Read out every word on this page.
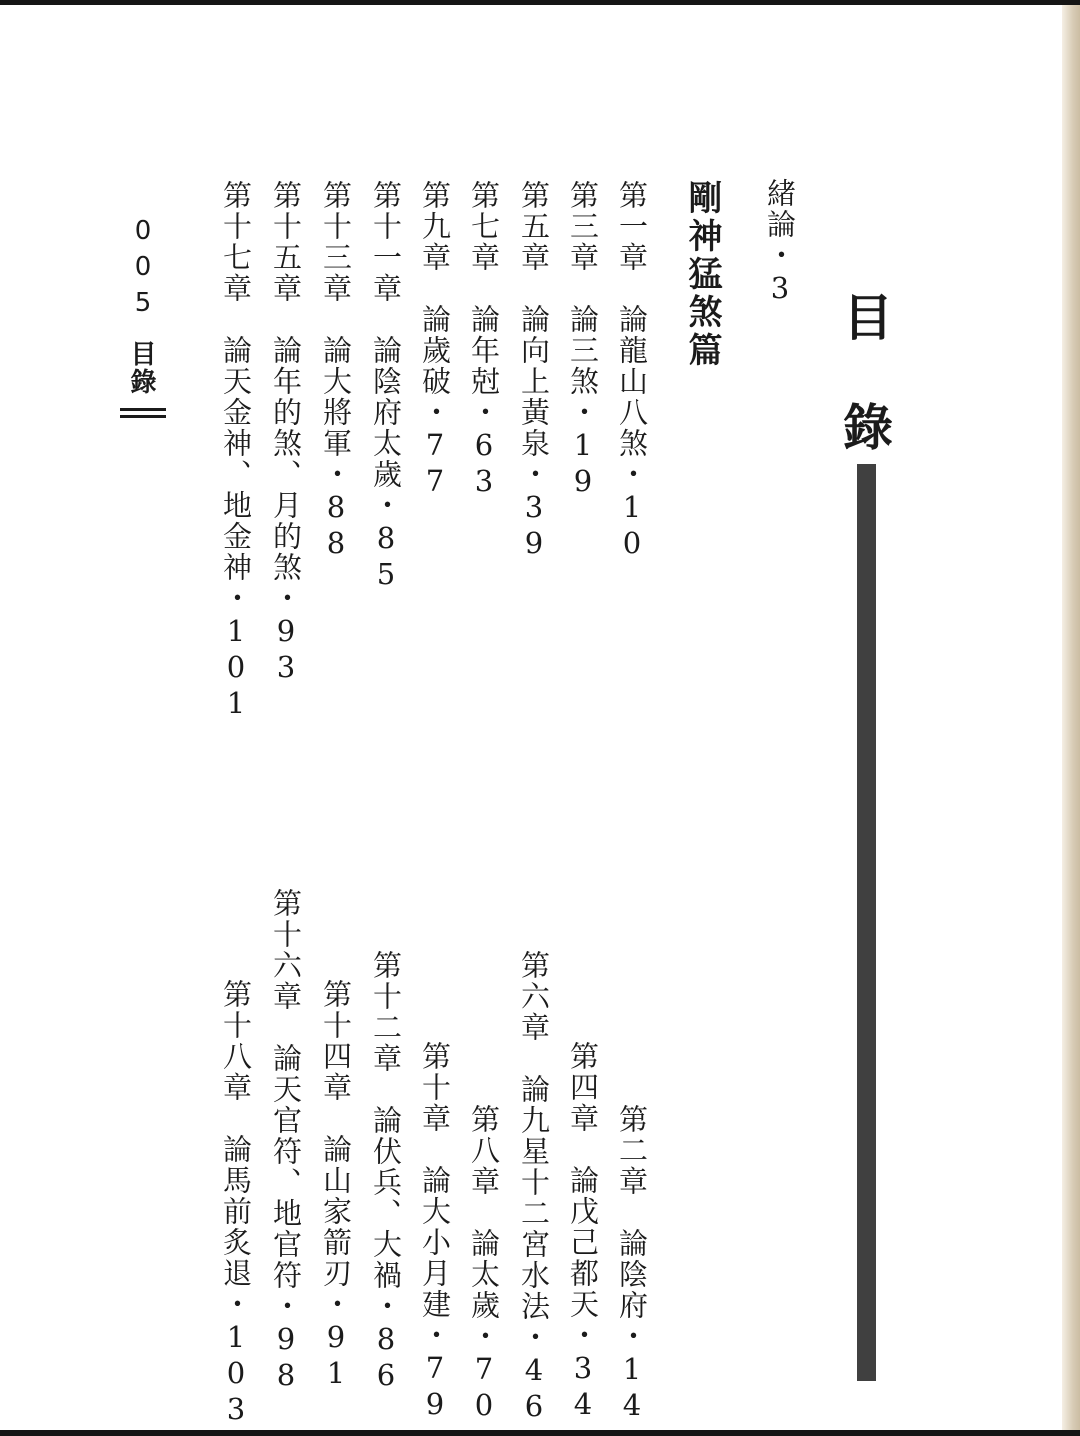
目
錄
緒論・3
剛神猛煞篇
第一章　論龍山八煞・10
第三章　論三煞・19
第五章　論向上黃泉・39
第七章　論年尅・63
第九章　論歲破・77
第十一章　論陰府太歲・85
第十三章　論大將軍・88
第十五章　論年的煞、月的煞・93
第十七章　論天金神、地金神・101
第二章　論陰府・14
第四章　論戊己都天・34
第六章　論九星十二宮水法・46
第八章　論太歲・70
第十章　論大小月建・79
第十二章　論伏兵、大禍・86
第十四章　論山家箭刃・91
第十六章　論天官符、地官符・98
第十八章　論馬前炙退・103
005
目錄
